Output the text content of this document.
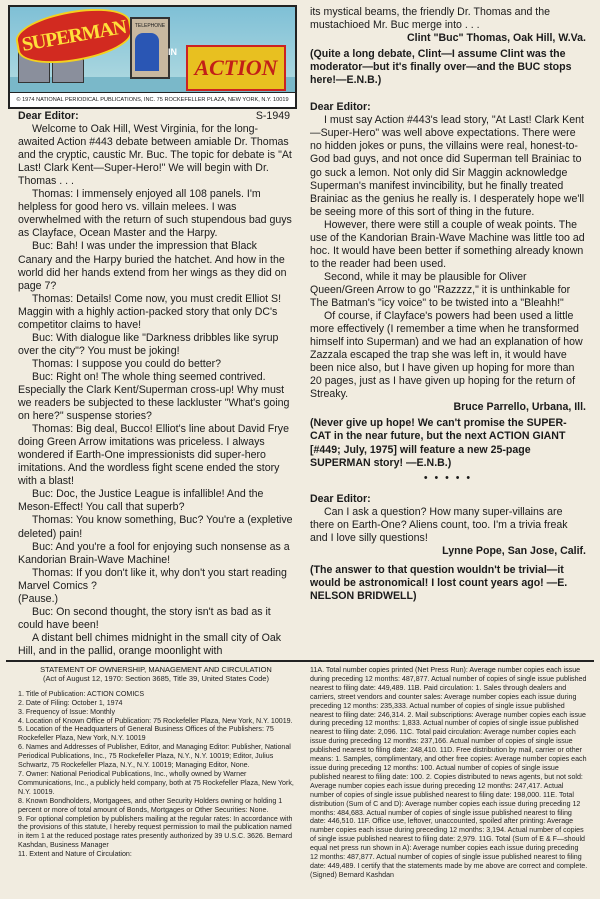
SUPERMAN	TELEPHONE
IN
ACTION
© 1974 NATIONAL PERIODICAL PUBLICATIONS, INC. 75 ROCKEFELLER PLAZA, NEW YORK, N.Y. 10019

Dear Editor:	S-1949

Welcome to Oak Hill, West Virginia, for the long-awaited Action #443 debate between amiable Dr. Thomas and the cryptic, caustic Mr. Buc. The topic for debate is "At Last! Clark Kent—Super-Hero!" We will begin with Dr. Thomas . . .

Thomas: I immensely enjoyed all 108 panels. I'm helpless for good hero vs. villain melees. I was overwhelmed with the return of such stupendous bad guys as Clayface, Ocean Master and the Harpy.

Buc: Bah! I was under the impression that Black Canary and the Harpy buried the hatchet. And how in the world did her hands extend from her wings as they did on page 7?

Thomas: Details! Come now, you must credit Elliot S! Maggin with a highly action-packed story that only DC's competitor claims to have!

Buc: With dialogue like "Darkness dribbles like syrup over the city"? You must be joking!

Thomas: I suppose you could do better?

Buc: Right on! The whole thing seemed contrived. Especially the Clark Kent/Superman cross-up! Why must we readers be subjected to these lackluster "What's going on here?" suspense stories?

Thomas: Big deal, Bucco! Elliot's line about David Frye doing Green Arrow imitations was priceless. I always wondered if Earth-One impressionists did super-hero imitations. And the wordless fight scene ended the story with a blast!

Buc: Doc, the Justice League is infallible! And the Meson-Effect! You call that superb?

Thomas: You know something, Buc? You're a (expletive deleted) pain!

Buc: And you're a fool for enjoying such nonsense as a Kandorian Brain-Wave Machine!

Thomas: If you don't like it, why don't you start reading Marvel Comics ?

(Pause.)

Buc: On second thought, the story isn't as bad as it could have been!

A distant bell chimes midnight in the small city of Oak Hill, and in the pallid, orange moonlight with

its mystical beams, the friendly Dr. Thomas and the mustachioed Mr. Buc merge into . . .

Clint "Buc" Thomas, Oak Hill, W.Va.

(Quite a long debate, Clint—I assume Clint was the moderator—but it's finally over—and the BUC stops here!—E.N.B.)

Dear Editor:

I must say Action #443's lead story, "At Last! Clark Kent—Super-Hero" was well above expectations. There were no hidden jokes or puns, the villains were real, honest-to-God bad guys, and not once did Superman tell Brainiac to go suck a lemon. Not only did Sir Maggin acknowledge Superman's manifest invincibility, but he finally treated Brainiac as the genius he really is. I desperately hope we'll be seeing more of this sort of thing in the future.

However, there were still a couple of weak points. The use of the Kandorian Brain-Wave Machine was little too ad hoc. It would have been better if something already known to the reader had been used.

Second, while it may be plausible for Oliver Queen/Green Arrow to go "Razzzz," it is unthinkable for The Batman's "icy voice" to be twisted into a "Bleahh!"

Of course, if Clayface's powers had been used a little more effectively (I remember a time when he transformed himself into Superman) and we had an explanation of how Zazzala escaped the trap she was left in, it would have been nice also, but I have given up hoping for more than 20 pages, just as I have given up hoping for the return of Streaky.

Bruce Parrello, Urbana, Ill.

(Never give up hope! We can't promise the SUPER-CAT in the near future, but the next ACTION GIANT [#449; July, 1975] will feature a new 25-page SUPERMAN story! —E.N.B.)

• • • • •

Dear Editor:

Can I ask a question? How many super-villains are there on Earth-One? Aliens count, too. I'm a trivia freak and I love silly questions!

Lynne Pope, San Jose, Calif.

(The answer to that question wouldn't be trivial—it would be astronomical! I lost count years ago! —E. NELSON BRIDWELL)

STATEMENT OF OWNERSHIP, MANAGEMENT AND CIRCULATION

(Act of August 12, 1970: Section 3685, Title 39, United States Code)

1. Title of Publication: ACTION COMICS
2. Date of Filing: October 1, 1974
3. Frequency of Issue: Monthly
4. Location of Known Office of Publication: 75 Rockefeller Plaza, New York, N.Y. 10019.
5. Location of the Headquarters of General Business Offices of the Publishers: 75 Rockefeller Plaza, New York, N.Y. 10019
6. Names and Addresses of Publisher, Editor, and Managing Editor: Publisher, National Periodical Publications, Inc., 75 Rockefeller Plaza, N.Y., N.Y. 10019; Editor, Julius Schwartz, 75 Rockefeller Plaza, N.Y., N.Y. 10019; Managing Editor, None.
7. Owner: National Periodical Publications, Inc., wholly owned by Warner Communications, Inc., a publicly held company, both at 75 Rockefeller Plaza, New York, N.Y. 10019.
8. Known Bondholders, Mortgagees, and other Security Holders owning or holding 1 percent or more of total amount of Bonds, Mortgages or Other Securities: None.
9. For optional completion by publishers mailing at the regular rates: In accordance with the provisions of this statute, I hereby request permission to mail the publication named in item 1 at the reduced postage rates presently authorized by 39 U.S.C. 3626. Bernard Kashdan, Business Manager
11. Extent and Nature of Circulation:

11A. Total number copies printed (Net Press Run): Average number copies each issue during preceding 12 months: 487,877. Actual number of copies of single issue published nearest to filing date: 449,489. 11B. Paid circulation: 1. Sales through dealers and carriers, street vendors and counter sales: Average number copies each issue during preceding 12 months: 235,333. Actual number of copies of single issue published nearest to filing date: 246,314. 2. Mail subscriptions: Average number copies each issue during preceding 12 months: 1,833. Actual number of copies of single issue published nearest to filing date: 2,096. 11C. Total paid circulation: Average number copies each issue during preceding 12 months: 237,166. Actual number of copies of single issue published nearest to filing date: 248,410. 11D. Free distribution by mail, carrier or other means: 1. Samples, complimentary, and other free copies: Average number copies each issue during preceding 12 months: 100. Actual number of copies of single issue published nearest to filing date: 100. 2. Copies distributed to news agents, but not sold: Average number copies each issue during preceding 12 months: 247,417. Actual number of copies of single issue published nearest to filing date: 198,000. 11E. Total distribution (Sum of C and D): Average number copies each issue during preceding 12 months: 484,683. Actual number of copies of single issue published nearest to filing date: 446,510. 11F. Office use, leftover, unaccounted, spoiled after printing: Average number copies each issue during preceding 12 months: 3,194. Actual number of copies of single issue published nearest to filing date: 2,979. 11G. Total (Sum of E & F—should equal net press run shown in A): Average number copies each issue during preceding 12 months: 487,877. Actual number of copies of single issue published nearest to filing date: 449,489. I certify that the statements made by me above are correct and complete. (Signed) Bernard Kashdan
